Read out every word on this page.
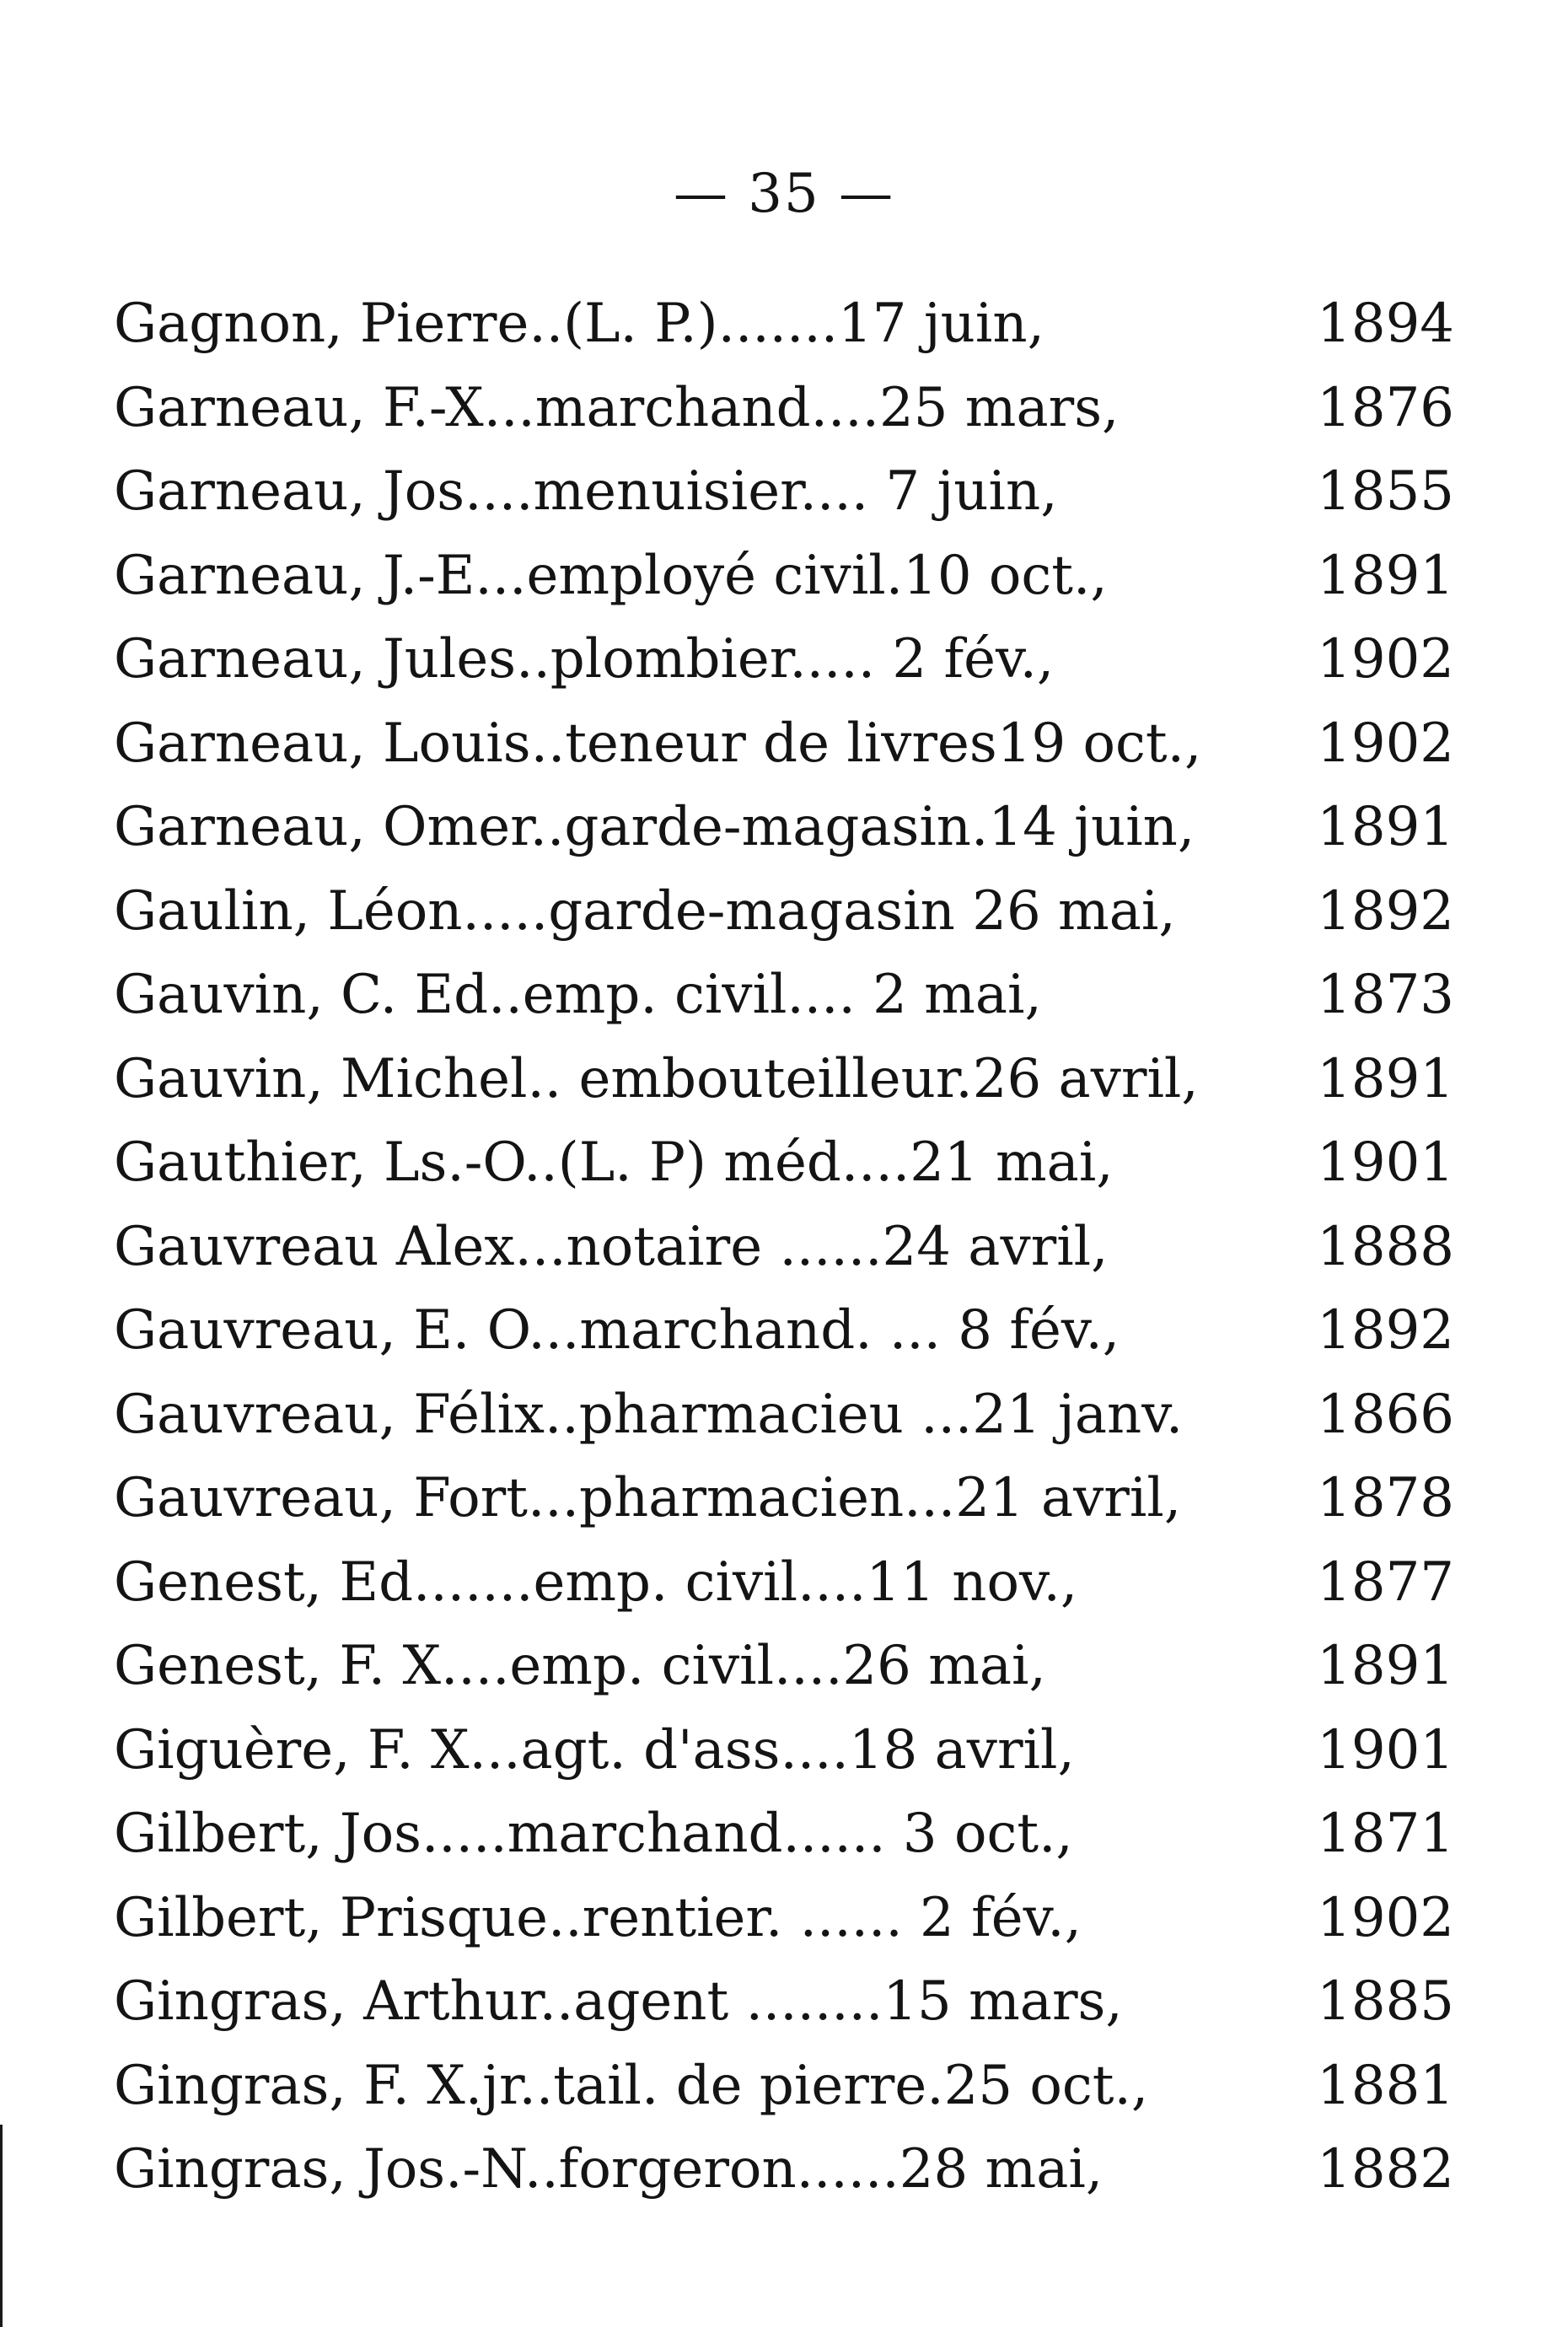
— 35 —
Gagnon, Pierre..(L. P.).......17 juin,	1894
Garneau, F.-X...marchand....25 mars,	1876
Garneau, Jos....menuisier.... 7 juin,	1855
Garneau, J.-E...employé civil.10 oct.,	1891
Garneau, Jules..plombier..... 2 fév.,	1902
Garneau, Louis..teneur de livres19 oct., 1902
Garneau, Omer..garde-magasin.14 juin, 1891
Gaulin, Léon.....garde-magasin 26 mai,	1892
Gauvin, C. Ed..emp. civil.... 2 mai,	1873
Gauvin, Michel.. embouteilleur.26 avril, 1891
Gauthier, Ls.-O..(L. P) méd....21 mai,	1901
Gauvreau Alex...notaire ......24 avril,	1888
Gauvreau, E. O...marchand. ... 8 fév.,	1892
Gauvreau, Félix..pharmacieu ...21 janv. 1866
Gauvreau, Fort...pharmacien...21 avril,	1878
Genest, Ed.......emp. civil....11 nov.,	1877
Genest, F. X....emp. civil....26 mai,	1891
Giguère, F. X...agt. d'ass....18 avril,	1901
Gilbert, Jos.....marchand...... 3 oct.,	1871
Gilbert, Prisque..rentier. ...... 2 fév.,	1902
Gingras, Arthur..agent ........15 mars,	1885
Gingras, F. X.jr..tail. de pierre.25 oct.,	1881
Gingras, Jos.-N..forgeron......28 mai,	1882
